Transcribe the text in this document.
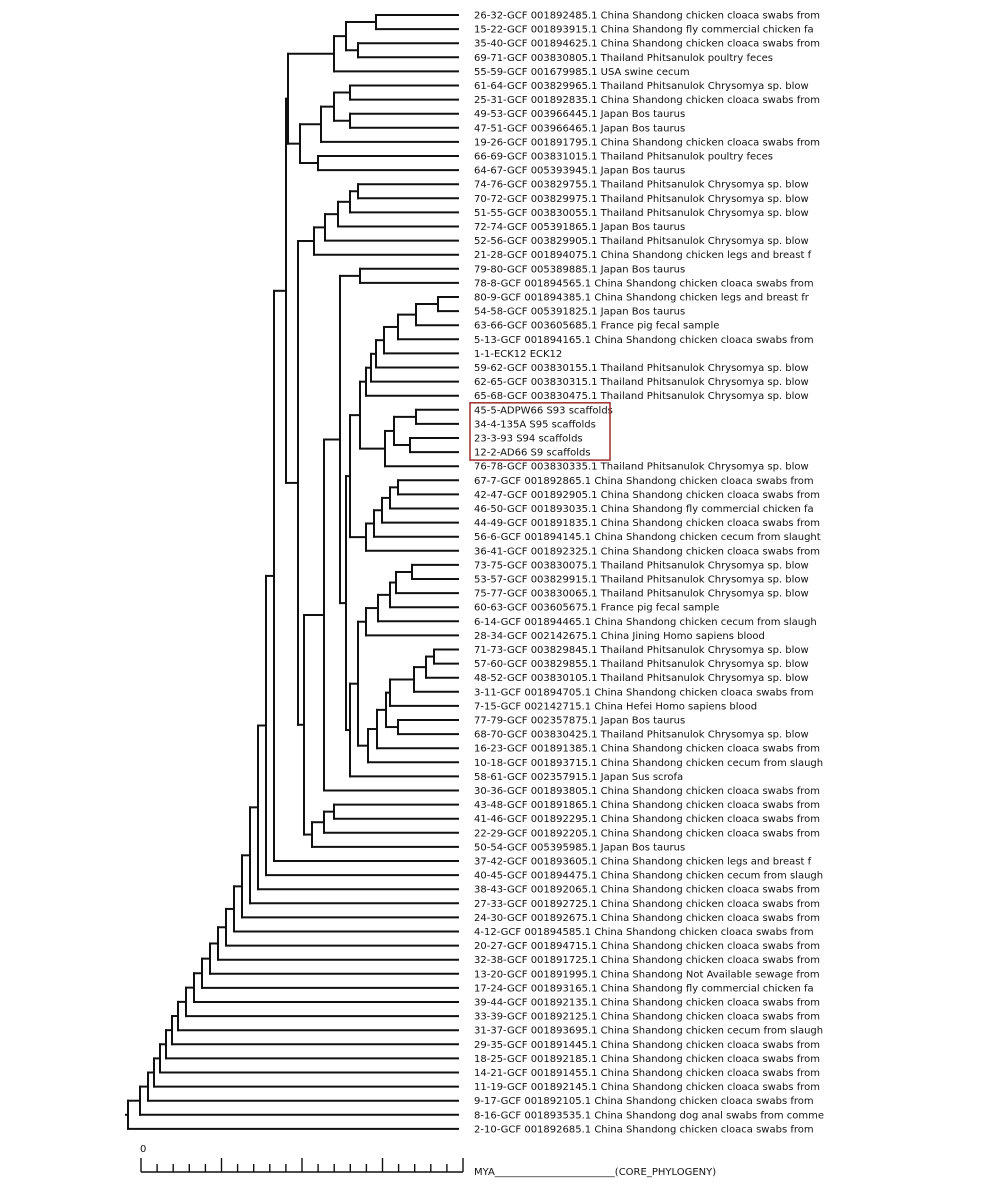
26-32-GCF 001892485.1 China Shandong chicken cloaca swabs from
15-22-GCF 001893915.1 China Shandong fly commercial chicken fa
35-40-GCF 001894625.1 China Shandong chicken cloaca swabs from
69-71-GCF 003830805.1 Thailand Phitsanulok poultry feces
55-59-GCF 001679985.1 USA swine cecum
61-64-GCF 003829965.1 Thailand Phitsanulok Chrysomya sp. blow
25-31-GCF 001892835.1 China Shandong chicken cloaca swabs from
49-53-GCF 003966445.1 Japan Bos taurus
47-51-GCF 003966465.1 Japan Bos taurus
19-26-GCF 001891795.1 China Shandong chicken cloaca swabs from
66-69-GCF 003831015.1 Thailand Phitsanulok poultry feces
64-67-GCF 005393945.1 Japan Bos taurus
74-76-GCF 003829755.1 Thailand Phitsanulok Chrysomya sp. blow
70-72-GCF 003829975.1 Thailand Phitsanulok Chrysomya sp. blow
51-55-GCF 003830055.1 Thailand Phitsanulok Chrysomya sp. blow
72-74-GCF 005391865.1 Japan Bos taurus
52-56-GCF 003829905.1 Thailand Phitsanulok Chrysomya sp. blow
21-28-GCF 001894075.1 China Shandong chicken legs and breast f
79-80-GCF 005389885.1 Japan Bos taurus
78-8-GCF 001894565.1 China Shandong chicken cloaca swabs from
80-9-GCF 001894385.1 China Shandong chicken legs and breast fr
54-58-GCF 005391825.1 Japan Bos taurus
63-66-GCF 003605685.1 France pig fecal sample
5-13-GCF 001894165.1 China Shandong chicken cloaca swabs from
1-1-ECK12 ECK12
59-62-GCF 003830155.1 Thailand Phitsanulok Chrysomya sp. blow
62-65-GCF 003830315.1 Thailand Phitsanulok Chrysomya sp. blow
65-68-GCF 003830475.1 Thailand Phitsanulok Chrysomya sp. blow
45-5-ADPW66 S93 scaffolds
34-4-135A S95 scaffolds
23-3-93 S94 scaffolds
12-2-AD66 S9 scaffolds
76-78-GCF 003830335.1 Thailand Phitsanulok Chrysomya sp. blow
67-7-GCF 001892865.1 China Shandong chicken cloaca swabs from
42-47-GCF 001892905.1 China Shandong chicken cloaca swabs from
46-50-GCF 001893035.1 China Shandong fly commercial chicken fa
44-49-GCF 001891835.1 China Shandong chicken cloaca swabs from
56-6-GCF 001894145.1 China Shandong chicken cecum from slaught
36-41-GCF 001892325.1 China Shandong chicken cloaca swabs from
73-75-GCF 003830075.1 Thailand Phitsanulok Chrysomya sp. blow
53-57-GCF 003829915.1 Thailand Phitsanulok Chrysomya sp. blow
75-77-GCF 003830065.1 Thailand Phitsanulok Chrysomya sp. blow
60-63-GCF 003605675.1 France pig fecal sample
6-14-GCF 001894465.1 China Shandong chicken cecum from slaugh
28-34-GCF 002142675.1 China Jining Homo sapiens blood
71-73-GCF 003829845.1 Thailand Phitsanulok Chrysomya sp. blow
57-60-GCF 003829855.1 Thailand Phitsanulok Chrysomya sp. blow
48-52-GCF 003830105.1 Thailand Phitsanulok Chrysomya sp. blow
3-11-GCF 001894705.1 China Shandong chicken cloaca swabs from
7-15-GCF 002142715.1 China Hefei Homo sapiens blood
77-79-GCF 002357875.1 Japan Bos taurus
68-70-GCF 003830425.1 Thailand Phitsanulok Chrysomya sp. blow
16-23-GCF 001891385.1 China Shandong chicken cloaca swabs from
10-18-GCF 001893715.1 China Shandong chicken cecum from slaugh
58-61-GCF 002357915.1 Japan Sus scrofa
30-36-GCF 001893805.1 China Shandong chicken cloaca swabs from
43-48-GCF 001891865.1 China Shandong chicken cloaca swabs from
41-46-GCF 001892295.1 China Shandong chicken cloaca swabs from
22-29-GCF 001892205.1 China Shandong chicken cloaca swabs from
50-54-GCF 005395985.1 Japan Bos taurus
37-42-GCF 001893605.1 China Shandong chicken legs and breast f
40-45-GCF 001894475.1 China Shandong chicken cecum from slaugh
38-43-GCF 001892065.1 China Shandong chicken cloaca swabs from
27-33-GCF 001892725.1 China Shandong chicken cloaca swabs from
24-30-GCF 001892675.1 China Shandong chicken cloaca swabs from
4-12-GCF 001894585.1 China Shandong chicken cloaca swabs from
20-27-GCF 001894715.1 China Shandong chicken cloaca swabs from
32-38-GCF 001891725.1 China Shandong chicken cloaca swabs from
13-20-GCF 001891995.1 China Shandong Not Available sewage from
17-24-GCF 001893165.1 China Shandong fly commercial chicken fa
39-44-GCF 001892135.1 China Shandong chicken cloaca swabs from
33-39-GCF 001892125.1 China Shandong chicken cloaca swabs from
31-37-GCF 001893695.1 China Shandong chicken cecum from slaugh
29-35-GCF 001891445.1 China Shandong chicken cloaca swabs from
18-25-GCF 001892185.1 China Shandong chicken cloaca swabs from
14-21-GCF 001891455.1 China Shandong chicken cloaca swabs from
11-19-GCF 001892145.1 China Shandong chicken cloaca swabs from
9-17-GCF 001892105.1 China Shandong chicken cloaca swabs from
8-16-GCF 001893535.1 China Shandong dog anal swabs from comme
2-10-GCF 001892685.1 China Shandong chicken cloaca swabs from
0
MYA________________________(CORE_PHYLOGENY)
